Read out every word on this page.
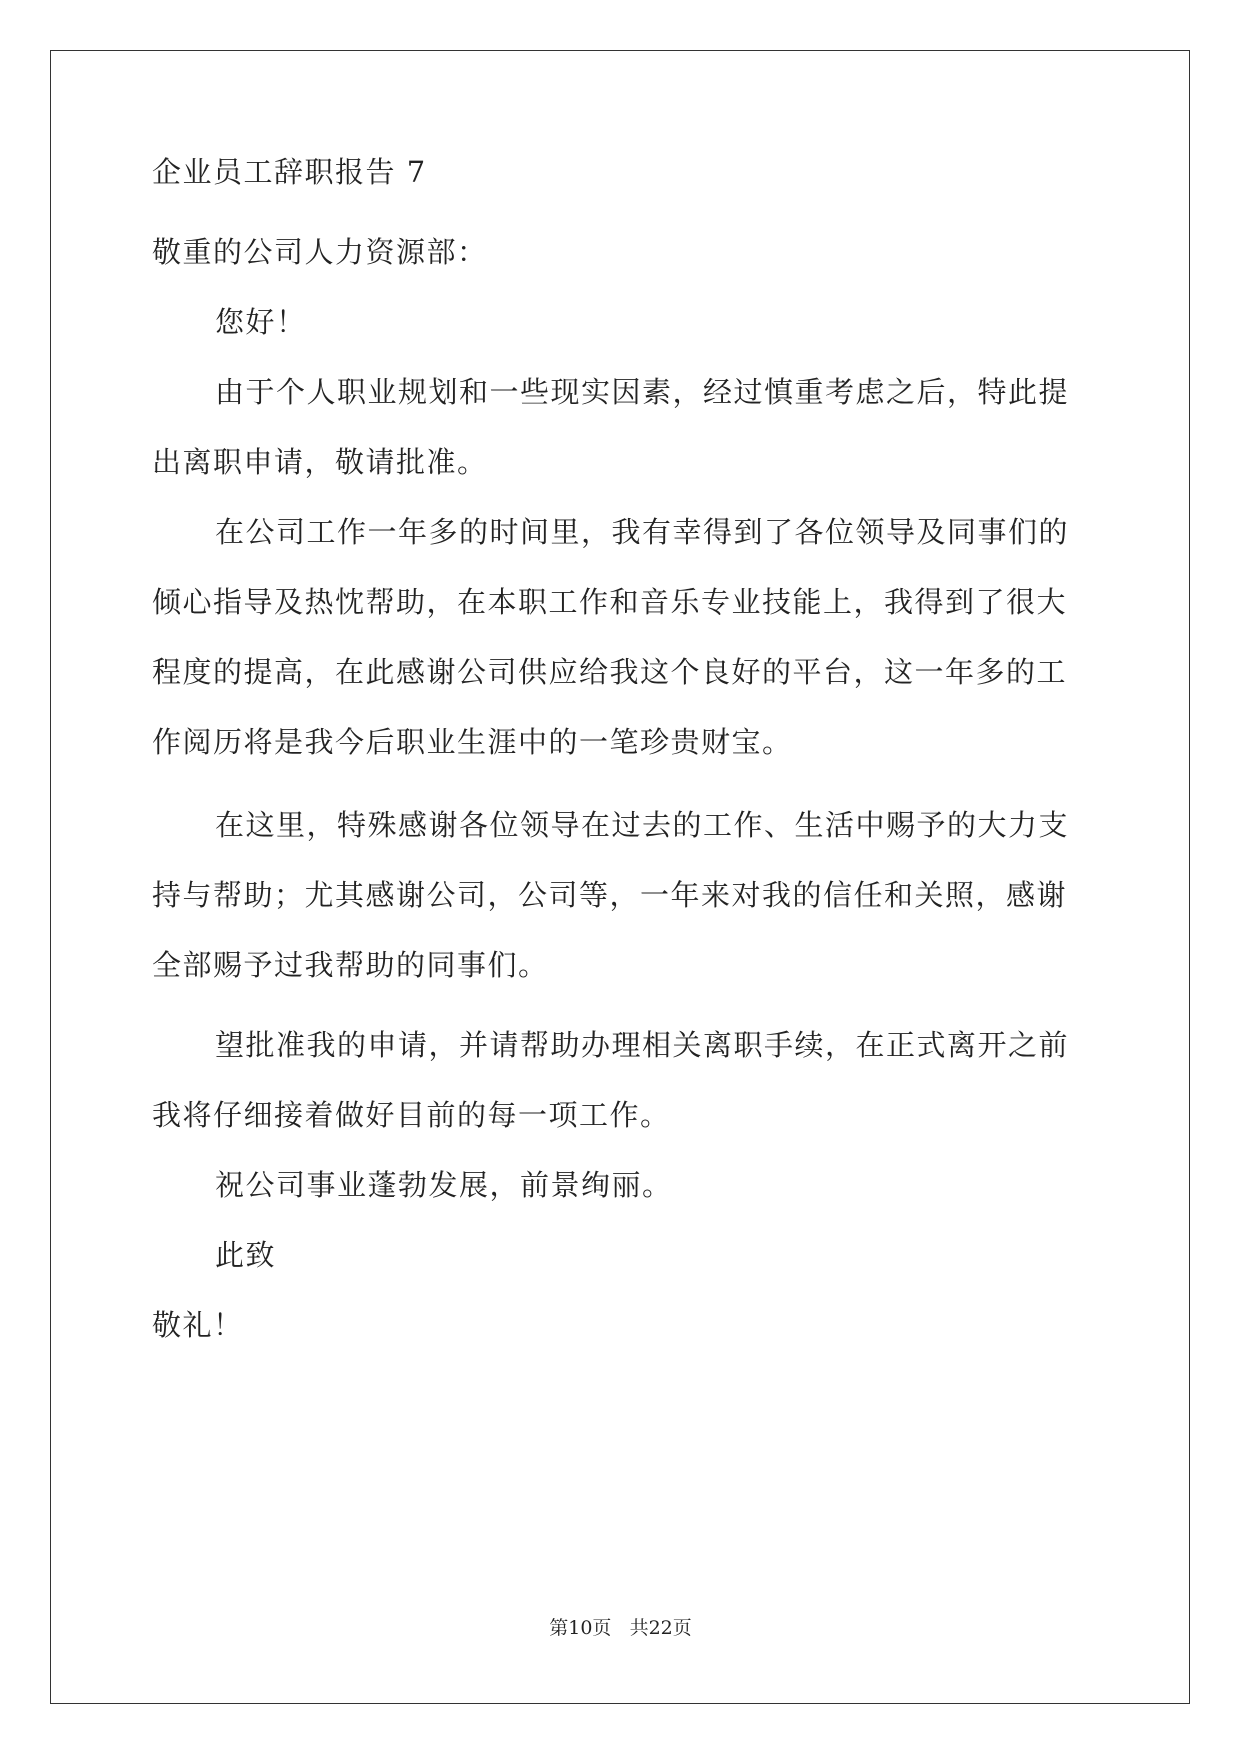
企业员工辞职报告 7
敬重的公司人力资源部：
您好！
由于个人职业规划和一些现实因素，经过慎重考虑之后，特此提
出离职申请，敬请批准。
在公司工作一年多的时间里，我有幸得到了各位领导及同事们的
倾心指导及热忱帮助，在本职工作和音乐专业技能上，我得到了很大
程度的提高，在此感谢公司供应给我这个良好的平台，这一年多的工
作阅历将是我今后职业生涯中的一笔珍贵财宝。
在这里，特殊感谢各位领导在过去的工作、生活中赐予的大力支
持与帮助；尤其感谢公司，公司等，一年来对我的信任和关照，感谢
全部赐予过我帮助的同事们。
望批准我的申请，并请帮助办理相关离职手续，在正式离开之前
我将仔细接着做好目前的每一项工作。
祝公司事业蓬勃发展，前景绚丽。
此致
敬礼！
第10页 共22页
